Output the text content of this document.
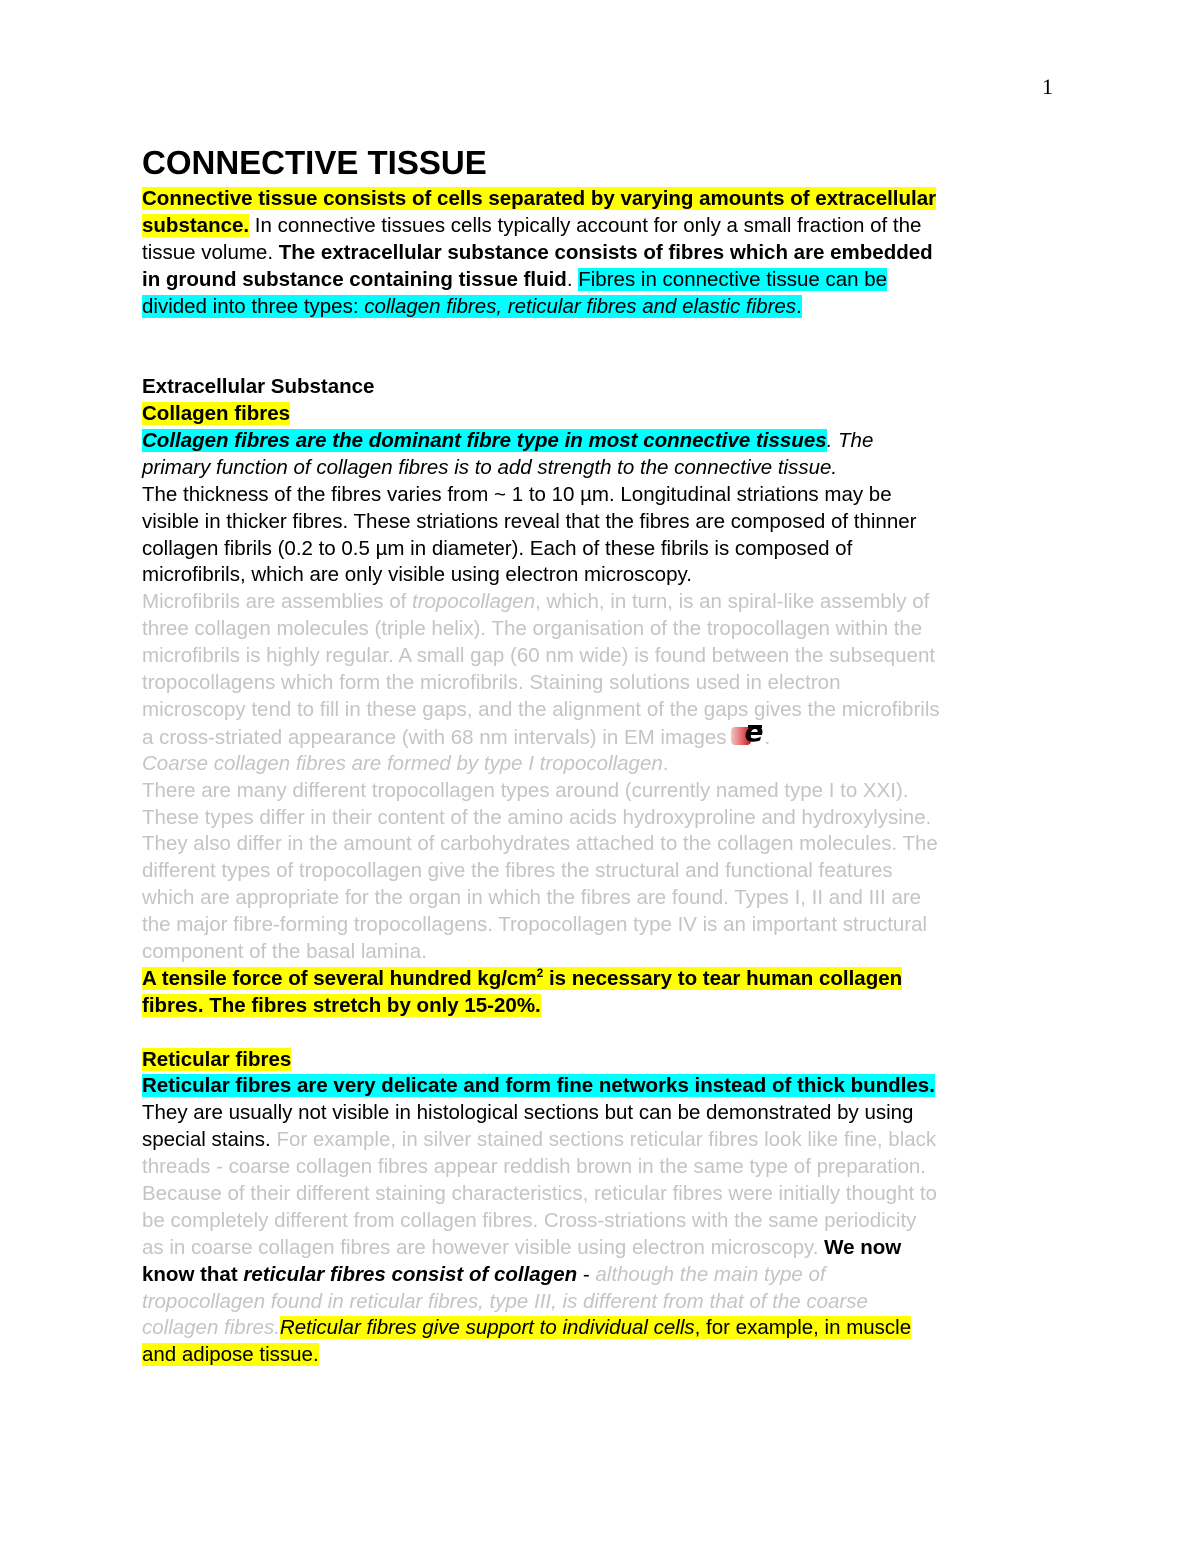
1
CONNECTIVE TISSUE
Connective tissue consists of cells separated by varying amounts of extracellular
substance. In connective tissues cells typically account for only a small fraction of the
tissue volume. The extracellular substance consists of fibres which are embedded
in ground substance containing tissue fluid. Fibres in connective tissue can be
divided into three types: collagen fibres, reticular fibres and elastic fibres.
Extracellular Substance
Collagen fibres
Collagen fibres are the dominant fibre type in most connective tissues. The
primary function of collagen fibres is to add strength to the connective tissue.
The thickness of the fibres varies from ~ 1 to 10 µm. Longitudinal striations may be
visible in thicker fibres. These striations reveal that the fibres are composed of thinner
collagen fibrils (0.2 to 0.5 µm in diameter). Each of these fibrils is composed of
microfibrils, which are only visible using electron microscopy.
Microfibrils are assemblies of tropocollagen, which, in turn, is an spiral-like assembly of
three collagen molecules (triple helix). The organisation of the tropocollagen within the
microfibrils is highly regular. A small gap (60 nm wide) is found between the subsequent
tropocollagens which form the microfibrils. Staining solutions used in electron
microscopy tend to fill in these gaps, and the alignment of the gaps gives the microfibrils
a cross-striated appearance (with 68 nm intervals) in EM images e .
Coarse collagen fibres are formed by type I tropocollagen.
There are many different tropocollagen types around (currently named type I to XXI).
These types differ in their content of the amino acids hydroxyproline and hydroxylysine.
They also differ in the amount of carbohydrates attached to the collagen molecules. The
different types of tropocollagen give the fibres the structural and functional features
which are appropriate for the organ in which the fibres are found. Types I, II and III are
the major fibre-forming tropocollagens. Tropocollagen type IV is an important structural
component of the basal lamina.
A tensile force of several hundred $kg/cm^2$ is necessary to tear human collagen
fibres. The fibres stretch by only 15-20%.
Reticular fibres
Reticular fibres are very delicate and form fine networks instead of thick bundles.
They are usually not visible in histological sections but can be demonstrated by using
special stains. For example, in silver stained sections reticular fibres look like fine, black
threads - coarse collagen fibres appear reddish brown in the same type of preparation.
Because of their different staining characteristics, reticular fibres were initially thought to
be completely different from collagen fibres. Cross-striations with the same periodicity
as in coarse collagen fibres are however visible using electron microscopy. We now
know that reticular fibres consist of collagen - although the main type of
tropocollagen found in reticular fibres, type III, is different from that of the coarse
collagen fibres.Reticular fibres give support to individual cells, for example, in muscle
and adipose tissue.
